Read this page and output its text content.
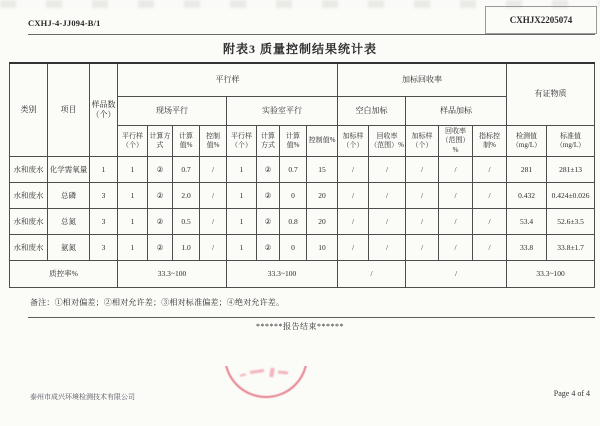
CXHJ-4-JJ094-B/1	CXHJX2205074
附表3 质量控制结果统计表
类别	项目	样品数（个）	平行样								加标回收率					有证物质	
			现场平行				实验室平行				空白加标		样品加标				
			平行样（个）	计算方式	计算值%	控制值%	平行样（个）	计算方式	计算值%	控制值%	加标样（个）	回收率（范围）%	加标样（个）	回收率（范围）%	指标控制%	检测值（mg/L）	标准值（mg/L）
水和废水	化学需氧量	1	1	②	0.7	/	1	②	0.7	15	/	/	/	/	/	281	281±13
水和废水	总磷	3	1	②	2.0	/	1	②	0	20	/	/	/	/	/	0.432	0.424±0.026
水和废水	总氮	3	1	②	0.5	/	1	②	0.8	20	/	/	/	/	/	53.4	52.6±3.5
水和废水	氨氮	3	1	②	1.0	/	1	②	0	10	/	/	/	/	/	33.8	33.8±1.7
质控率%			33.3~100				33.3~100				/		/			33.3~100	
备注：①相对偏差；②相对允许差；③相对标准偏差；④绝对允许差。
******报告结束******
泰州市成兴环境检测技术有限公司	Page 4 of 4
